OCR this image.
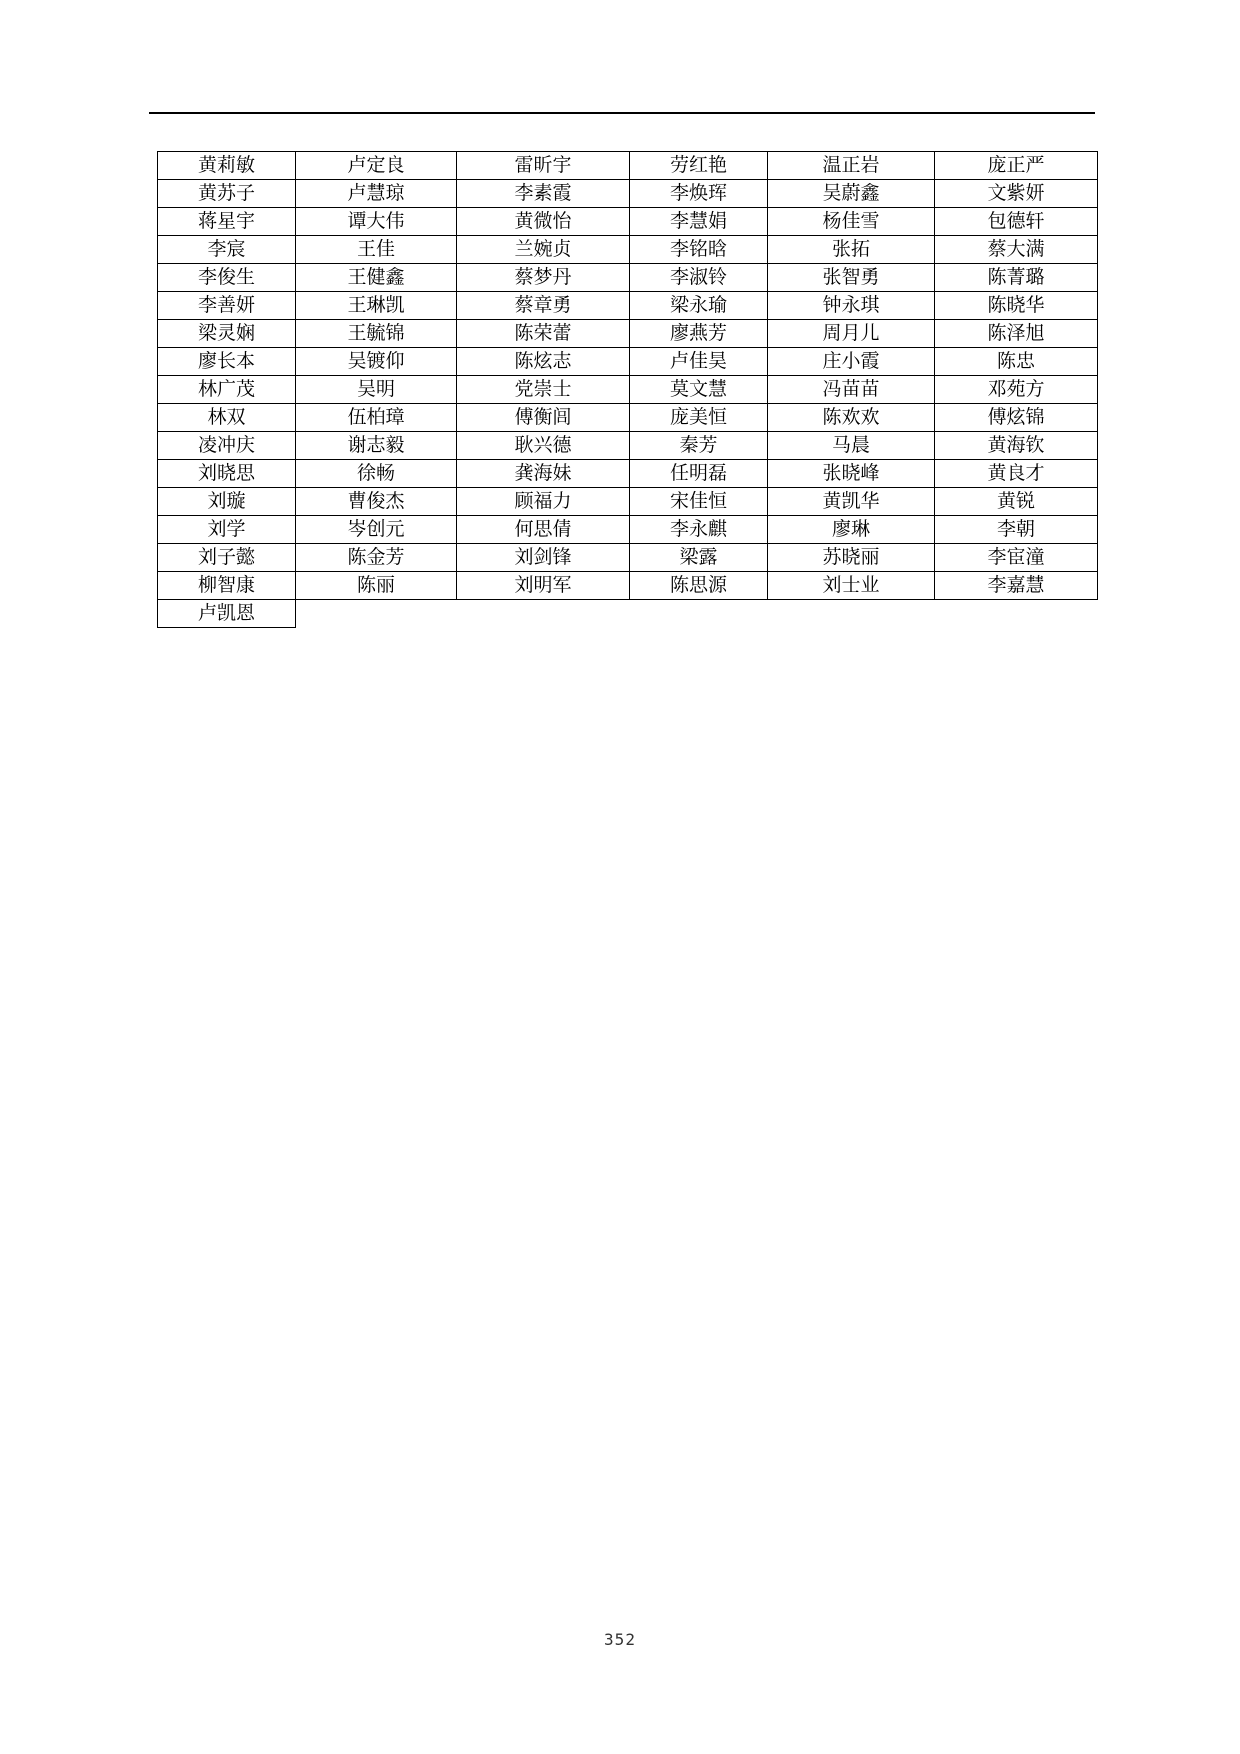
黄莉敏	卢定良	雷昕宇	劳红艳	温正岩	庞正严
黄苏子	卢慧琼	李素霞	李焕珲	吴蔚鑫	文紫妍
蒋星宇	谭大伟	黄微怡	李慧娟	杨佳雪	包德轩
李宸	王佳	兰婉贞	李铭晗	张拓	蔡大满
李俊生	王健鑫	蔡梦丹	李淑铃	张智勇	陈菁璐
李善妍	王琳凯	蔡章勇	梁永瑜	钟永琪	陈晓华
梁灵娴	王毓锦	陈荣蕾	廖燕芳	周月儿	陈泽旭
廖长本	吴镀仰	陈炫志	卢佳昊	庄小霞	陈忠
林广茂	吴明	党崇士	莫文慧	冯苗苗	邓苑方
林双	伍柏璋	傅衡闾	庞美恒	陈欢欢	傅炫锦
凌冲庆	谢志毅	耿兴德	秦芳	马晨	黄海钦
刘晓思	徐畅	龚海妹	任明磊	张晓峰	黄良才
刘璇	曹俊杰	顾福力	宋佳恒	黄凯华	黄锐
刘学	岑创元	何思倩	李永麒	廖琳	李朝
刘子懿	陈金芳	刘剑锋	梁露	苏晓丽	李宦潼
柳智康	陈丽	刘明军	陈思源	刘士业	李嘉慧
卢凯恩					
352
